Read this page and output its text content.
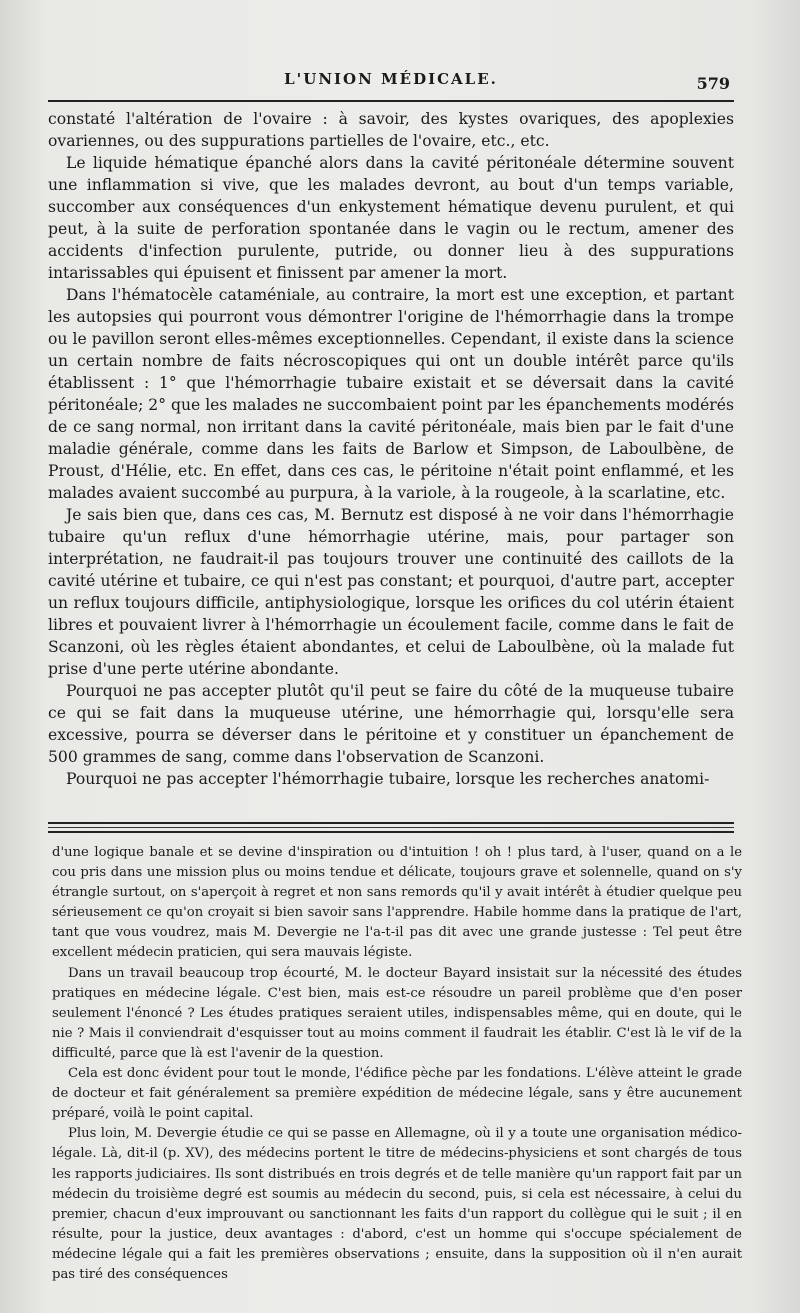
L'UNION MÉDICALE.	579

constaté l'altération de l'ovaire : à savoir, des kystes ovariques, des apoplexies ovariennes, ou des suppurations partielles de l'ovaire, etc., etc.

Le liquide hématique épanché alors dans la cavité péritonéale détermine souvent une inflammation si vive, que les malades devront, au bout d'un temps variable, succomber aux conséquences d'un enkystement hématique devenu purulent, et qui peut, à la suite de perforation spontanée dans le vagin ou le rectum, amener des accidents d'infection purulente, putride, ou donner lieu à des suppurations intarissables qui épuisent et finissent par amener la mort.

Dans l'hématocèle cataméniale, au contraire, la mort est une exception, et partant les autopsies qui pourront vous démontrer l'origine de l'hémorrhagie dans la trompe ou le pavillon seront elles-mêmes exceptionnelles. Cependant, il existe dans la science un certain nombre de faits nécroscopiques qui ont un double intérêt parce qu'ils établissent : 1° que l'hémorrhagie tubaire existait et se déversait dans la cavité péritonéale; 2° que les malades ne succombaient point par les épanchements modérés de ce sang normal, non irritant dans la cavité péritonéale, mais bien par le fait d'une maladie générale, comme dans les faits de Barlow et Simpson, de Laboulbène, de Proust, d'Hélie, etc. En effet, dans ces cas, le péritoine n'était point enflammé, et les malades avaient succombé au purpura, à la variole, à la rougeole, à la scarlatine, etc.

Je sais bien que, dans ces cas, M. Bernutz est disposé à ne voir dans l'hémorrhagie tubaire qu'un reflux d'une hémorrhagie utérine, mais, pour partager son interprétation, ne faudrait-il pas toujours trouver une continuité des caillots de la cavité utérine et tubaire, ce qui n'est pas constant; et pourquoi, d'autre part, accepter un reflux toujours difficile, antiphysiologique, lorsque les orifices du col utérin étaient libres et pouvaient livrer à l'hémorrhagie un écoulement facile, comme dans le fait de Scanzoni, où les règles étaient abondantes, et celui de Laboulbène, où la malade fut prise d'une perte utérine abondante.

Pourquoi ne pas accepter plutôt qu'il peut se faire du côté de la muqueuse tubaire ce qui se fait dans la muqueuse utérine, une hémorrhagie qui, lorsqu'elle sera excessive, pourra se déverser dans le péritoine et y constituer un épanchement de 500 grammes de sang, comme dans l'observation de Scanzoni.

Pourquoi ne pas accepter l'hémorrhagie tubaire, lorsque les recherches anatomi-

d'une logique banale et se devine d'inspiration ou d'intuition ! oh ! plus tard, à l'user, quand on a le cou pris dans une mission plus ou moins tendue et délicate, toujours grave et solennelle, quand on s'y étrangle surtout, on s'aperçoit à regret et non sans remords qu'il y avait intérêt à étudier quelque peu sérieusement ce qu'on croyait si bien savoir sans l'apprendre. Habile homme dans la pratique de l'art, tant que vous voudrez, mais M. Devergie ne l'a-t-il pas dit avec une grande justesse : Tel peut être excellent médecin praticien, qui sera mauvais légiste.

Dans un travail beaucoup trop écourté, M. le docteur Bayard insistait sur la nécessité des études pratiques en médecine légale. C'est bien, mais est-ce résoudre un pareil problème que d'en poser seulement l'énoncé ? Les études pratiques seraient utiles, indispensables même, qui en doute, qui le nie ? Mais il conviendrait d'esquisser tout au moins comment il faudrait les établir. C'est là le vif de la difficulté, parce que là est l'avenir de la question.

Cela est donc évident pour tout le monde, l'édifice pèche par les fondations. L'élève atteint le grade de docteur et fait généralement sa première expédition de médecine légale, sans y être aucunement préparé, voilà le point capital.

Plus loin, M. Devergie étudie ce qui se passe en Allemagne, où il y a toute une organisation médico-légale. Là, dit-il (p. XV), des médecins portent le titre de médecins-physiciens et sont chargés de tous les rapports judiciaires. Ils sont distribués en trois degrés et de telle manière qu'un rapport fait par un médecin du troisième degré est soumis au médecin du second, puis, si cela est nécessaire, à celui du premier, chacun d'eux improuvant ou sanctionnant les faits d'un rapport du collègue qui le suit ; il en résulte, pour la justice, deux avantages : d'abord, c'est un homme qui s'occupe spécialement de médecine légale qui a fait les premières observations ; ensuite, dans la supposition où il n'en aurait pas tiré des conséquences
